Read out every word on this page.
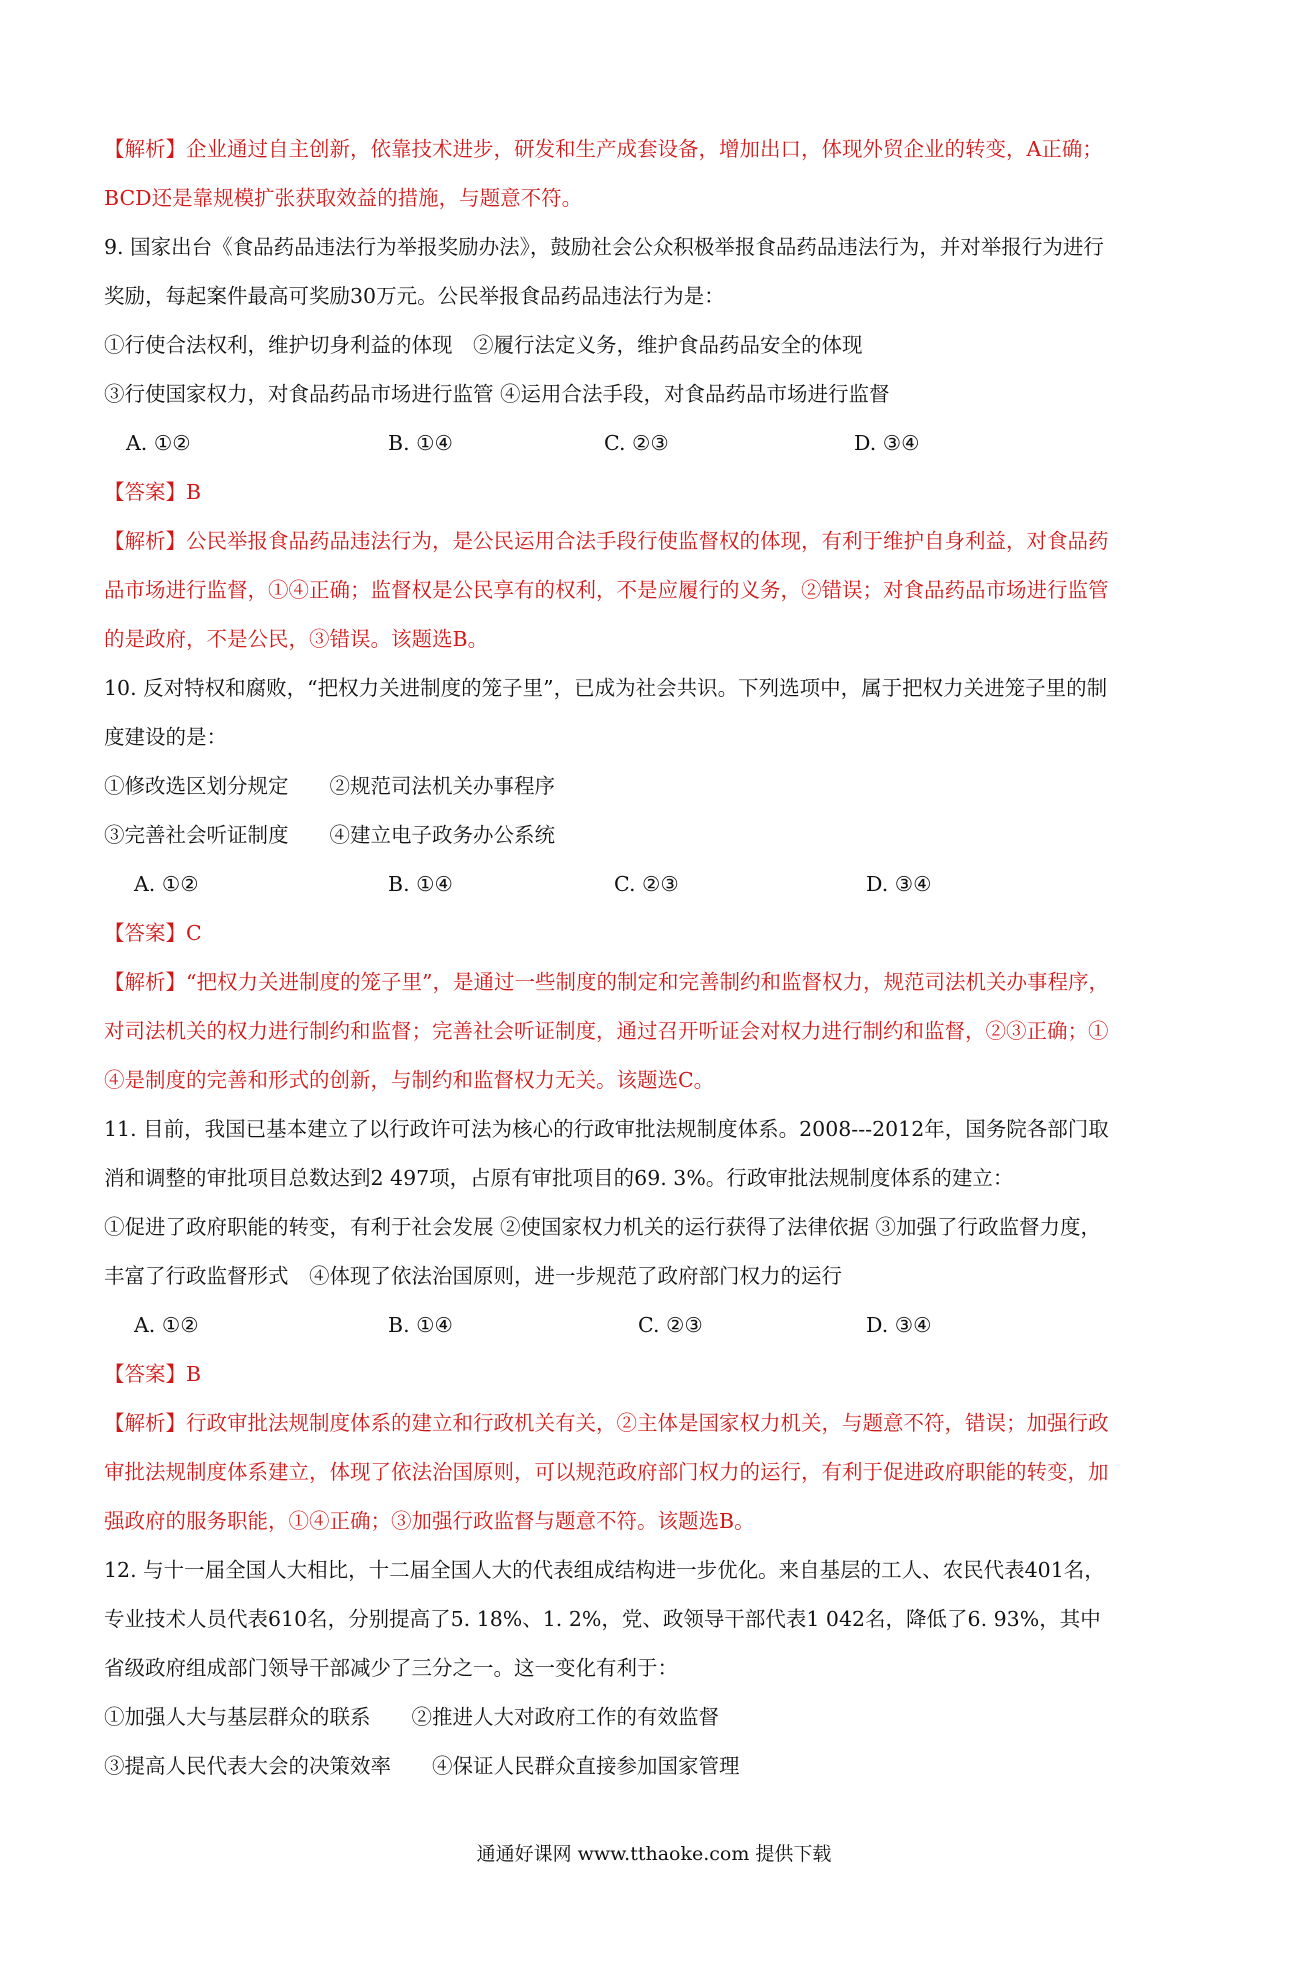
【解析】企业通过自主创新，依靠技术进步，研发和生产成套设备，增加出口，体现外贸企业的转变，A正确；

BCD还是靠规模扩张获取效益的措施，与题意不符。

9. 国家出台《食品药品违法行为举报奖励办法》，鼓励社会公众积极举报食品药品违法行为，并对举报行为进行

奖励，每起案件最高可奖励30万元。公民举报食品药品违法行为是：

①行使合法权利，维护切身利益的体现　②履行法定义务，维护食品药品安全的体现

③行使国家权力，对食品药品市场进行监管 ④运用合法手段，对食品药品市场进行监督

A. ①②	B. ①④	C. ②③	D. ③④

【答案】B

【解析】公民举报食品药品违法行为，是公民运用合法手段行使监督权的体现，有利于维护自身利益，对食品药

品市场进行监督，①④正确；监督权是公民享有的权利，不是应履行的义务，②错误；对食品药品市场进行监管

的是政府，不是公民，③错误。该题选B。

10. 反对特权和腐败，“把权力关进制度的笼子里”，已成为社会共识。下列选项中，属于把权力关进笼子里的制

度建设的是：

①修改选区划分规定　　②规范司法机关办事程序

③完善社会听证制度　　④建立电子政务办公系统

A. ①②	B. ①④	C. ②③	D. ③④

【答案】C

【解析】“把权力关进制度的笼子里”，是通过一些制度的制定和完善制约和监督权力，规范司法机关办事程序，

对司法机关的权力进行制约和监督；完善社会听证制度，通过召开听证会对权力进行制约和监督，②③正确；①

④是制度的完善和形式的创新，与制约和监督权力无关。该题选C。

11. 目前，我国已基本建立了以行政许可法为核心的行政审批法规制度体系。2008---2012年，国务院各部门取

消和调整的审批项目总数达到2 497项，占原有审批项目的69. 3%。行政审批法规制度体系的建立：

①促进了政府职能的转变，有利于社会发展 ②使国家权力机关的运行获得了法律依据 ③加强了行政监督力度，

丰富了行政监督形式　④体现了依法治国原则，进一步规范了政府部门权力的运行

A. ①②	B. ①④	C. ②③	D. ③④

【答案】B

【解析】行政审批法规制度体系的建立和行政机关有关，②主体是国家权力机关，与题意不符，错误；加强行政

审批法规制度体系建立，体现了依法治国原则，可以规范政府部门权力的运行，有利于促进政府职能的转变，加

强政府的服务职能，①④正确；③加强行政监督与题意不符。该题选B。

12. 与十一届全国人大相比，十二届全国人大的代表组成结构进一步优化。来自基层的工人、农民代表401名，

专业技术人员代表610名，分别提高了5. 18%、1. 2%，党、政领导干部代表1 042名，降低了6. 93%，其中

省级政府组成部门领导干部减少了三分之一。这一变化有利于：

①加强人大与基层群众的联系　　②推进人大对政府工作的有效监督

③提高人民代表大会的决策效率　　④保证人民群众直接参加国家管理

通通好课网 www.tthaoke.com 提供下载
